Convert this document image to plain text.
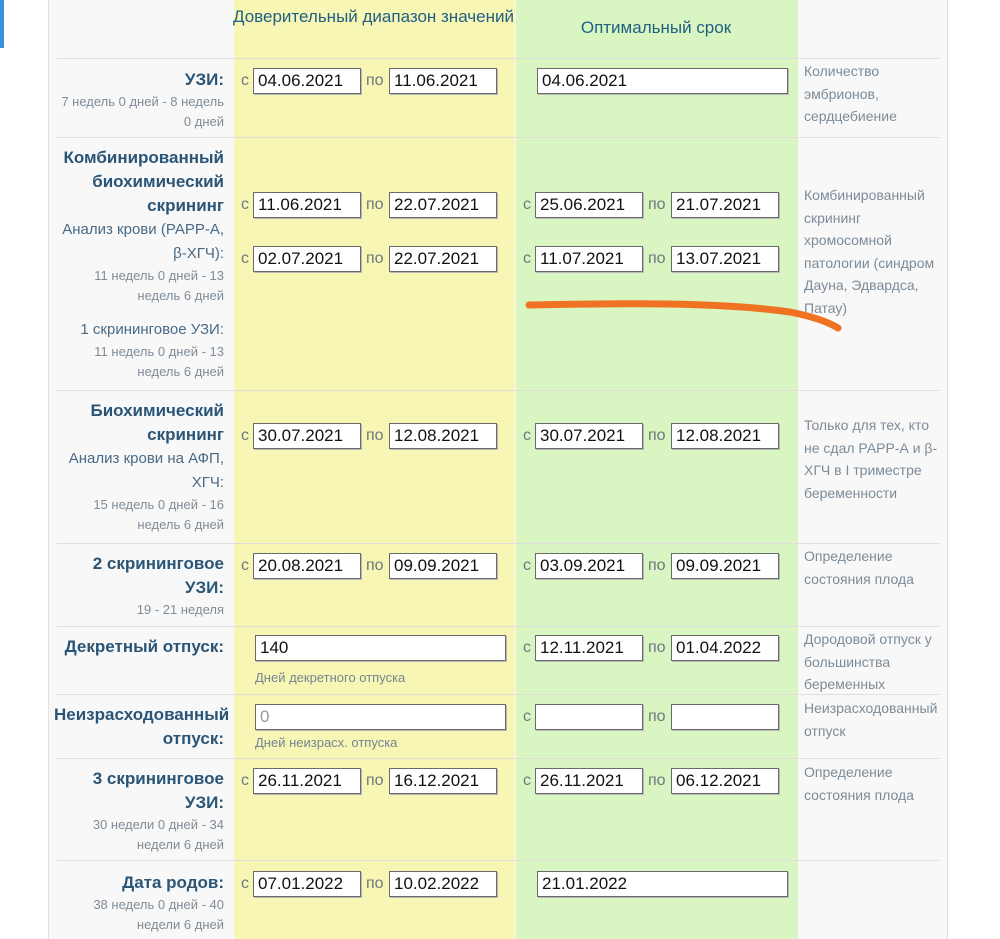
Доверительный диапазон значений
Оптимальный срок
УЗИ:
7 недель 0 дней - 8 недель 0 дней
с 04.06.2021	по 11.06.2021	04.06.2021	Количество эмбрионов, сердцебиение
Комбинированный биохимический скрининг
Анализ крови (РАРР-А, β-ХГЧ):
11 недель 0 дней - 13 недель 6 дней
1 скрининговое УЗИ:
11 недель 0 дней - 13 недель 6 дней
с 11.06.2021	по 22.07.2021	с 25.06.2021	по 21.07.2021
с 02.07.2021	по 22.07.2021	с 11.07.2021	по 13.07.2021
Комбинированный скрининг хромосомной патологии (синдром Дауна, Эдвардса, Патау)
Биохимический скрининг
Анализ крови на АФП, ХГЧ:
15 недель 0 дней - 16 недель 6 дней
с 30.07.2021	по 12.08.2021	с 30.07.2021	по 12.08.2021
Только для тех, кто не сдал РАРР-А и β-ХГЧ в I триместре беременности
2 скрининговое УЗИ:
19 - 21 неделя
с 20.08.2021	по 09.09.2021	с 03.09.2021	по 09.09.2021	Определение состояния плода
Декретный отпуск: 140
Дней декретного отпуска
с 12.11.2021	по 01.04.2022	Дородовой отпуск у большинства беременных
Неизрасходованный отпуск:
0
Дней неизрасх. отпуска
с	по	Неизрасходованный отпуск
3 скрининговое УЗИ:
30 недели 0 дней - 34 недели 6 дней
с 26.11.2021	по 16.12.2021	с 26.11.2021	по 06.12.2021	Определение состояния плода
Дата родов:
38 недель 0 дней - 40 недели 6 дней
с 07.01.2022	по 10.02.2022	21.01.2022
